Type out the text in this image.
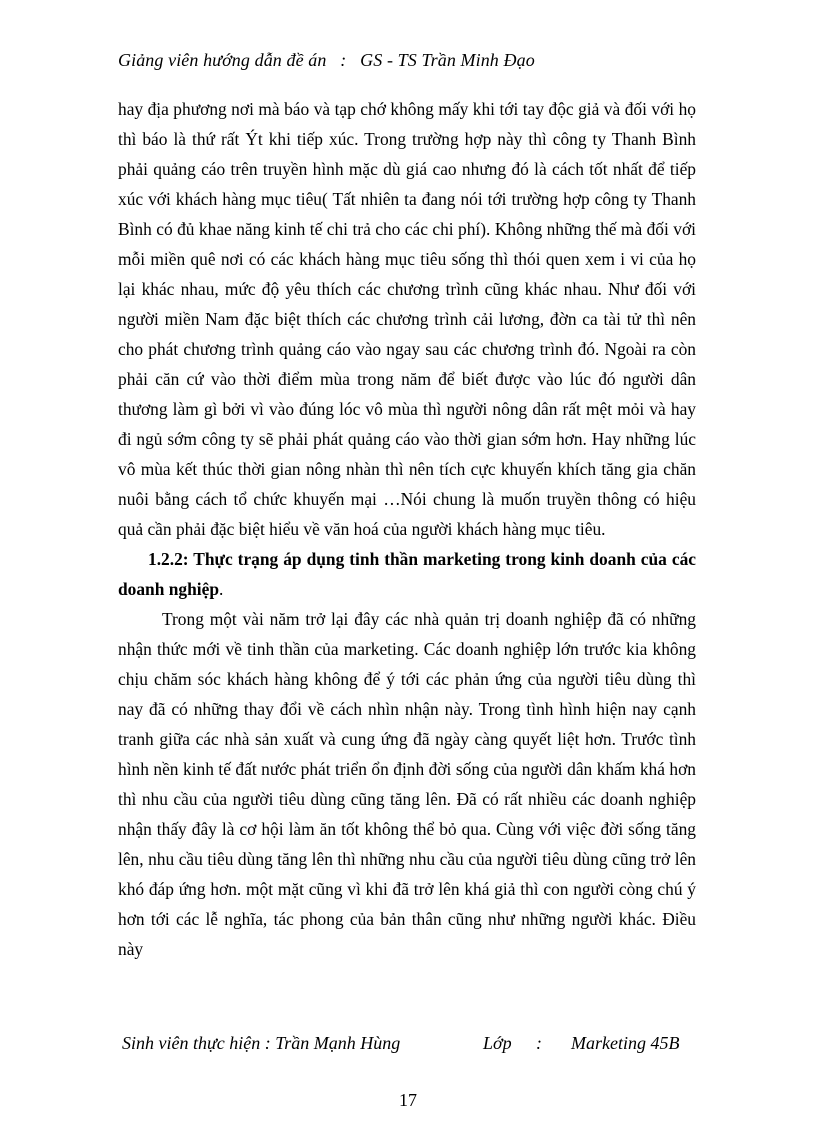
Giảng viên hướng dẫn đề án   :   GS - TS Trần Minh Đạo

hay địa phương nơi mà báo và tạp chớ không mấy khi tới tay độc giả và đối với họ thì báo là thứ rất Ýt khi tiếp xúc. Trong trường hợp này thì công ty Thanh Bình phải quảng cáo trên truyền hình mặc dù giá cao nhưng đó là cách tốt nhất để tiếp xúc với khách hàng mục tiêu( Tất nhiên ta đang nói tới trường hợp công ty Thanh Bình có đủ khae năng kinh tế chi trả cho các chi phí). Không những thế mà đối với mỗi miền quê nơi có các khách hàng mục tiêu sống thì thói quen xem i vi của họ lại khác nhau, mức độ yêu thích các chương trình cũng khác nhau. Như đối với người miền Nam đặc biệt thích các chương trình cải lương, đờn ca tài tử thì nên cho phát chương trình quảng cáo vào ngay sau các chương trình đó. Ngoài ra còn phải căn cứ vào thời điểm mùa trong năm để biết được vào lúc đó người dân thương làm gì bởi vì vào đúng lóc vô mùa thì người nông dân rất mệt mỏi và hay đi ngủ sớm công ty sẽ phải phát quảng cáo vào thời gian sớm hơn. Hay những lúc vô mùa kết thúc thời gian nông nhàn thì nên tích cực khuyến khích tăng gia chăn nuôi bằng cách tổ chức khuyến mại …Nói chung là muốn truyền thông có hiệu quả cần phải đặc biệt hiểu về văn hoá của người khách hàng mục tiêu.

1.2.2: Thực trạng áp dụng tinh thần marketing trong kinh doanh của các doanh nghiệp.

Trong một vài năm trở lại đây các nhà quản trị doanh nghiệp đã có những nhận thức mới về tinh thần của marketing. Các doanh nghiệp lớn trước kia không chịu chăm sóc khách hàng không để ý tới các phản ứng của người tiêu dùng thì nay đã có những thay đổi về cách nhìn nhận này. Trong tình hình hiện nay cạnh tranh giữa các nhà sản xuất và cung ứng đã ngày càng quyết liệt hơn. Trước tình hình nền kinh tế đất nước phát triển ổn định đời sống của người dân khấm khá hơn thì nhu cầu của người tiêu dùng cũng tăng lên. Đã có rất nhiều các doanh nghiệp nhận thấy đây là cơ hội làm ăn tốt không thể bỏ qua. Cùng với việc đời sống tăng lên, nhu cầu tiêu dùng tăng lên thì những nhu cầu của người tiêu dùng cũng trở lên khó đáp ứng hơn. một mặt cũng vì khi đã trở lên khá giả thì con người còng chú ý hơn tới các lễ nghĩa, tác phong của bản thân cũng như những người khác. Điều này

Sinh viên thực hiện : Trần Mạnh Hùng	Lớp : Marketing 45B
17
